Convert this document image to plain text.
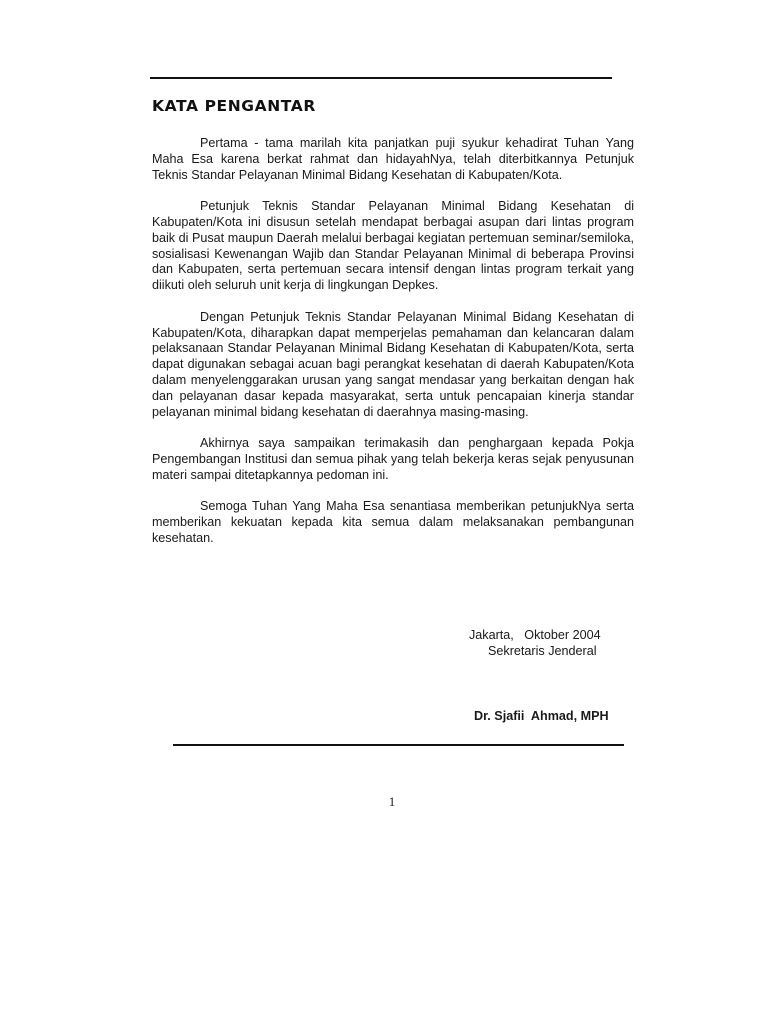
KATA PENGANTAR

Pertama - tama marilah kita panjatkan puji syukur kehadirat Tuhan Yang Maha Esa karena berkat rahmat dan hidayahNya, telah diterbitkannya Petunjuk Teknis Standar Pelayanan Minimal Bidang Kesehatan di Kabupaten/Kota.

Petunjuk Teknis Standar Pelayanan Minimal Bidang Kesehatan di Kabupaten/Kota ini disusun setelah mendapat berbagai asupan dari lintas program baik di Pusat maupun Daerah melalui berbagai kegiatan pertemuan seminar/semiloka, sosialisasi Kewenangan Wajib dan Standar Pelayanan Minimal di beberapa Provinsi dan Kabupaten, serta pertemuan secara intensif dengan lintas program terkait yang diikuti oleh seluruh unit kerja di lingkungan Depkes.

Dengan Petunjuk Teknis Standar Pelayanan Minimal Bidang Kesehatan di Kabupaten/Kota, diharapkan dapat memperjelas pemahaman dan kelancaran dalam pelaksanaan Standar Pelayanan Minimal Bidang Kesehatan di Kabupaten/Kota, serta dapat digunakan sebagai acuan bagi perangkat kesehatan di daerah Kabupaten/Kota dalam menyelenggarakan urusan yang sangat mendasar yang berkaitan dengan hak dan pelayanan dasar kepada masyarakat, serta untuk pencapaian kinerja standar pelayanan minimal bidang kesehatan di daerahnya masing-masing.

Akhirnya saya sampaikan terimakasih dan penghargaan kepada Pokja Pengembangan Institusi dan semua pihak yang telah bekerja keras sejak penyusunan materi sampai ditetapkannya pedoman ini.

Semoga Tuhan Yang Maha Esa senantiasa memberikan petunjukNya serta memberikan kekuatan kepada kita semua dalam melaksanakan pembangunan kesehatan.

Jakarta,   Oktober 2004
Sekretaris Jenderal
Dr. Sjafii  Ahmad, MPH
1
